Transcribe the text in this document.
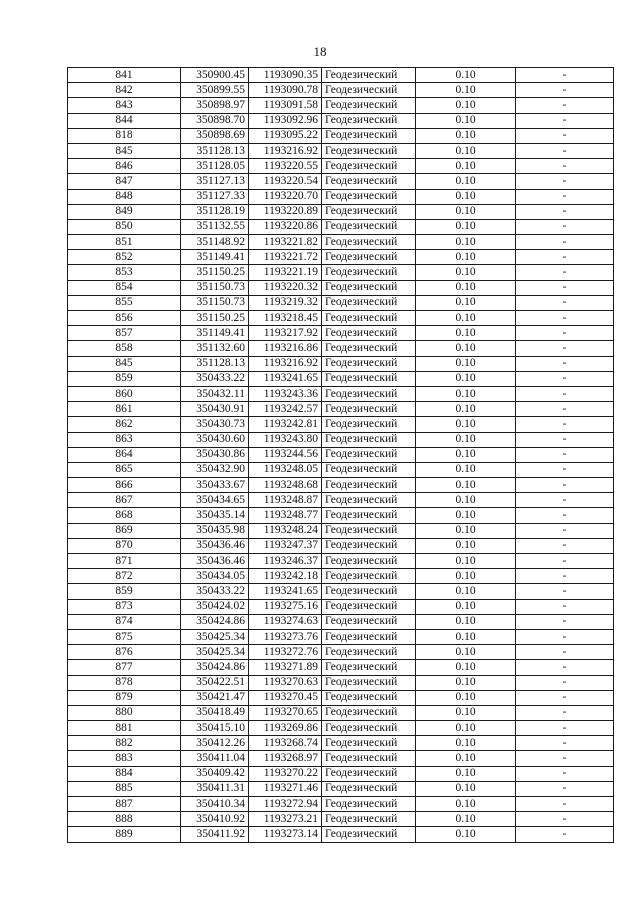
18
841	350900.45	1193090.35	Геодезический	0.10	-
842	350899.55	1193090.78	Геодезический	0.10	-
843	350898.97	1193091.58	Геодезический	0.10	-
844	350898.70	1193092.96	Геодезический	0.10	-
818	350898.69	1193095.22	Геодезический	0.10	-
845	351128.13	1193216.92	Геодезический	0.10	-
846	351128.05	1193220.55	Геодезический	0.10	-
847	351127.13	1193220.54	Геодезический	0.10	-
848	351127.33	1193220.70	Геодезический	0.10	-
849	351128.19	1193220.89	Геодезический	0.10	-
850	351132.55	1193220.86	Геодезический	0.10	-
851	351148.92	1193221.82	Геодезический	0.10	-
852	351149.41	1193221.72	Геодезический	0.10	-
853	351150.25	1193221.19	Геодезический	0.10	-
854	351150.73	1193220.32	Геодезический	0.10	-
855	351150.73	1193219.32	Геодезический	0.10	-
856	351150.25	1193218.45	Геодезический	0.10	-
857	351149.41	1193217.92	Геодезический	0.10	-
858	351132.60	1193216.86	Геодезический	0.10	-
845	351128.13	1193216.92	Геодезический	0.10	-
859	350433.22	1193241.65	Геодезический	0.10	-
860	350432.11	1193243.36	Геодезический	0.10	-
861	350430.91	1193242.57	Геодезический	0.10	-
862	350430.73	1193242.81	Геодезический	0.10	-
863	350430.60	1193243.80	Геодезический	0.10	-
864	350430.86	1193244.56	Геодезический	0.10	-
865	350432.90	1193248.05	Геодезический	0.10	-
866	350433.67	1193248.68	Геодезический	0.10	-
867	350434.65	1193248.87	Геодезический	0.10	-
868	350435.14	1193248.77	Геодезический	0.10	-
869	350435.98	1193248.24	Геодезический	0.10	-
870	350436.46	1193247.37	Геодезический	0.10	-
871	350436.46	1193246.37	Геодезический	0.10	-
872	350434.05	1193242.18	Геодезический	0.10	-
859	350433.22	1193241.65	Геодезический	0.10	-
873	350424.02	1193275.16	Геодезический	0.10	-
874	350424.86	1193274.63	Геодезический	0.10	-
875	350425.34	1193273.76	Геодезический	0.10	-
876	350425.34	1193272.76	Геодезический	0.10	-
877	350424.86	1193271.89	Геодезический	0.10	-
878	350422.51	1193270.63	Геодезический	0.10	-
879	350421.47	1193270.45	Геодезический	0.10	-
880	350418.49	1193270.65	Геодезический	0.10	-
881	350415.10	1193269.86	Геодезический	0.10	-
882	350412.26	1193268.74	Геодезический	0.10	-
883	350411.04	1193268.97	Геодезический	0.10	-
884	350409.42	1193270.22	Геодезический	0.10	-
885	350411.31	1193271.46	Геодезический	0.10	-
887	350410.34	1193272.94	Геодезический	0.10	-
888	350410.92	1193273.21	Геодезический	0.10	-
889	350411.92	1193273.14	Геодезический	0.10	-
